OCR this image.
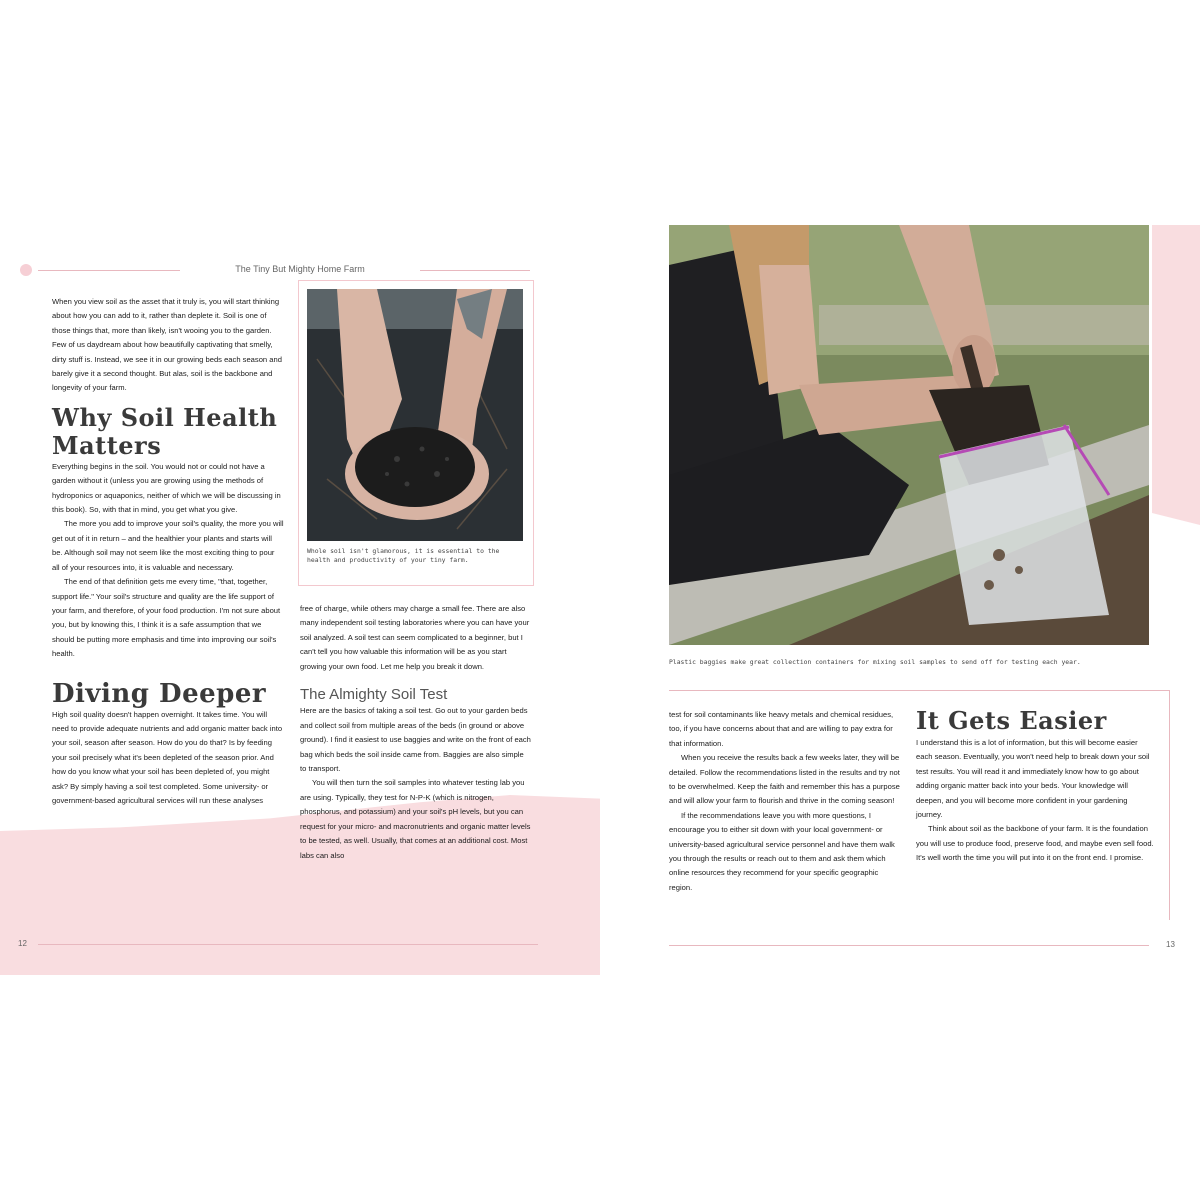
The Tiny But Mighty Home Farm

When you view soil as the asset that it truly is, you will start thinking about how you can add to it, rather than deplete it. Soil is one of those things that, more than likely, isn't wooing you to the garden. Few of us daydream about how beautifully captivating that smelly, dirty stuff is. Instead, we see it in our growing beds each season and barely give it a second thought. But alas, soil is the backbone and longevity of your farm.

Why Soil Health Matters

Everything begins in the soil. You would not or could not have a garden without it (unless you are growing using the methods of hydroponics or aquaponics, neither of which we will be discussing in this book). So, with that in mind, you get what you give.

The more you add to improve your soil's quality, the more you will get out of it in return – and the healthier your plants and starts will be. Although soil may not seem like the most exciting thing to pour all of your resources into, it is valuable and necessary.

The end of that definition gets me every time, "that, together, support life." Your soil's structure and quality are the life support of your farm, and therefore, of your food production. I'm not sure about you, but by knowing this, I think it is a safe assumption that we should be putting more emphasis and time into improving our soil's health.

Diving Deeper

High soil quality doesn't happen overnight. It takes time. You will need to provide adequate nutrients and add organic matter back into your soil, season after season. How do you do that? Is by feeding your soil precisely what it's been depleted of the season prior. And how do you know what your soil has been depleted of, you might ask? By simply having a soil test completed. Some university- or government-based agricultural services will run these analyses

Whole soil isn't glamorous, it is essential to the health and productivity of your tiny farm.

free of charge, while others may charge a small fee. There are also many independent soil testing laboratories where you can have your soil analyzed. A soil test can seem complicated to a beginner, but I can't tell you how valuable this information will be as you start growing your own food. Let me help you break it down.

The Almighty Soil Test

Here are the basics of taking a soil test. Go out to your garden beds and collect soil from multiple areas of the beds (in ground or above ground). I find it easiest to use baggies and write on the front of each bag which beds the soil inside came from. Baggies are also simple to transport.

You will then turn the soil samples into whatever testing lab you are using. Typically, they test for N-P-K (which is nitrogen, phosphorus, and potassium) and your soil's pH levels, but you can request for your micro- and macronutrients and organic matter levels to be tested, as well. Usually, that comes at an additional cost. Most labs can also

12
Plastic baggies make great collection containers for mixing soil samples to send off for testing each year.

test for soil contaminants like heavy metals and chemical residues, too, if you have concerns about that and are willing to pay extra for that information.

When you receive the results back a few weeks later, they will be detailed. Follow the recommendations listed in the results and try not to be overwhelmed. Keep the faith and remember this has a purpose and will allow your farm to flourish and thrive in the coming season!

If the recommendations leave you with more questions, I encourage you to either sit down with your local government- or university-based agricultural service personnel and have them walk you through the results or reach out to them and ask them which online resources they recommend for your specific geographic region.

It Gets Easier

I understand this is a lot of information, but this will become easier each season. Eventually, you won't need help to break down your soil test results. You will read it and immediately know how to go about adding organic matter back into your beds. Your knowledge will deepen, and you will become more confident in your gardening journey.

Think about soil as the backbone of your farm. It is the foundation you will use to produce food, preserve food, and maybe even sell food. It's well worth the time you will put into it on the front end. I promise.

13
